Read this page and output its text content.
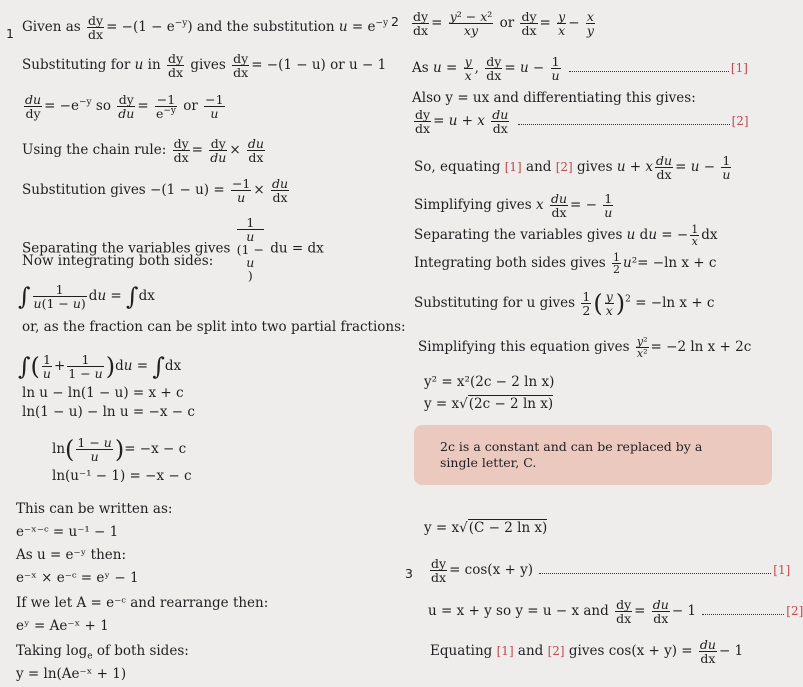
1 Given as $\frac{dy}{dx} = -(1 - e^{-y})$ and the substitution $u = e^{-y}$
Substituting for u in $\frac{dy}{dx}$ gives $\frac{dy}{dx} = -(1 - u)$ or u − 1
$\frac{du}{dy} = -e^{-y}$ so $\frac{dy}{du} = \frac{-1}{e^{-y}}$ or $\frac{-1}{u}$
Using the chain rule: $\frac{dy}{dx} = \frac{dy}{du} \times \frac{du}{dx}$
Substitution gives $-(1 - u) = \frac{-1}{u} \times \frac{du}{dx}$
Separating the variables gives
1
u
(1 −
u
) du = dx
Now integrating both sides:
∫ $\frac{1}{u(1 - u)}$ du = ∫dx
or, as the fraction can be split into two partial fractions:
∫( $\frac{1}{u} + \frac{1}{1 - u} )du = \int dx$
ln u − ln(1 − u) = x + c
ln(1 − u) − ln u = −x − c
$\ln( \frac{1 - u}{u}$ )= −x − c
ln(u⁻¹ − 1) = −x − c
This can be written as:
e⁻ˣ⁻ᶜ = u⁻¹ − 1
As u = e⁻ʸ then:
e⁻ˣ × e⁻ᶜ = eʸ − 1
If we let A = e⁻ᶜ and rearrange then:
eʸ = Ae⁻ˣ + 1
Taking $\log_e$ of both sides:
y = ln(Ae⁻ˣ + 1)
$2 \frac{dy}{dx} = \frac{\text{y² − x²}}{xy}$ or $\frac{dy}{dx} = \frac{y}{x} - \frac{x}{y}$
As $u = \frac{y}{x}$ , $\frac{dy}{dx} = u - \frac{1}{u}$	[1]
Also y = ux and differentiating this gives:
$\frac{dy}{dx} = u + x \frac{du}{dx}$	[2]
So, equating [1] and [2] gives u + x $\frac{du}{dx} = u - \frac{1}{u}$
Simplifying gives x $\frac{du}{dx}$ = − $\frac{1}{u}$
Separating the variables gives u du = − $\frac{1}{x}$ dx
Integrating both sides gives $\frac{1}{2} u^2= -\ln$ x + c
Substituting for u gives $\frac{1}{2}$ ( $\frac{y}{x} )^2 = -\ln$ x + c
Simplifying this equation gives $\frac{\text{y²}}{\text{x²}} = -2$ ln x + 2c
y² = x²(2c − 2 ln x)
y = x√(2c − 2 ln x)
2c is a constant and can be replaced by a single letter, C.
y = x√(C − 2 ln x)
$3 \frac{dy}{dx} = \cos(x + y)$	[1]
u = x + y so y = u − x and $\frac{dy}{dx} = \frac{du}{dx} - 1$	[2]
Equating [1] and [2] gives $\cos(x + y) = \frac{du}{dx} - 1$
